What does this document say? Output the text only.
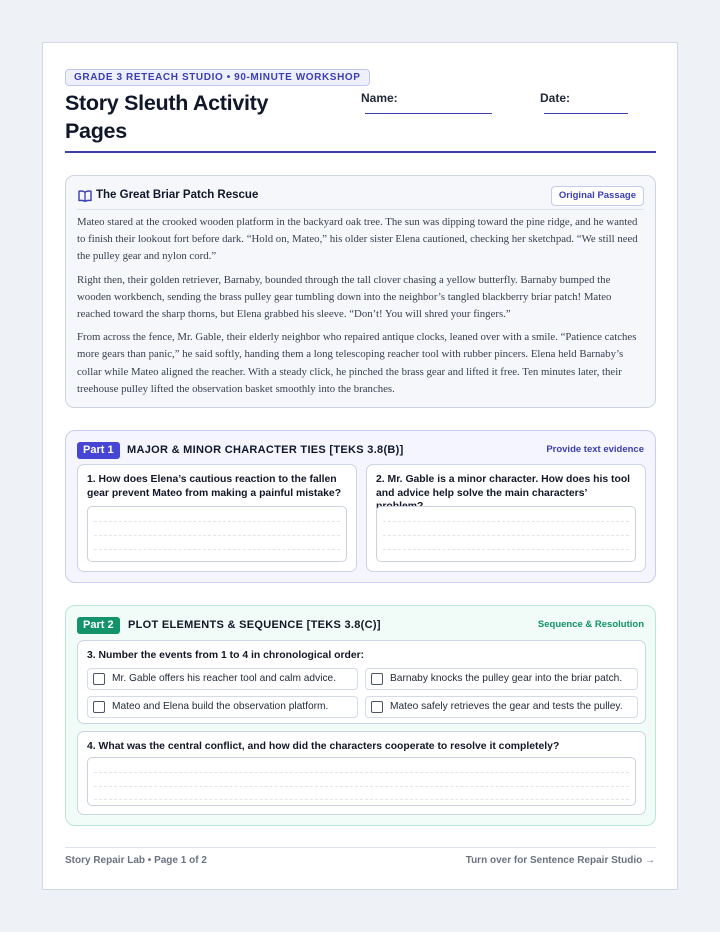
GRADE 3 RETEACH STUDIO • 90-MINUTE WORKSHOP
Story Sleuth Activity Pages
Name:	Date:
The Great Briar Patch Rescue	Original Passage

Mateo stared at the crooked wooden platform in the backyard oak tree. The sun was dipping toward the pine ridge, and he wanted to finish their lookout fort before dark. “Hold on, Mateo,” his older sister Elena cautioned, checking her sketchpad. “We still need the pulley gear and nylon cord.”

Right then, their golden retriever, Barnaby, bounded through the tall clover chasing a yellow butterfly. Barnaby bumped the wooden workbench, sending the brass pulley gear tumbling down into the neighbor’s tangled blackberry briar patch! Mateo reached toward the sharp thorns, but Elena grabbed his sleeve. “Don’t! You will shred your fingers.”

From across the fence, Mr. Gable, their elderly neighbor who repaired antique clocks, leaned over with a smile. “Patience catches more gears than panic,” he said softly, handing them a long telescoping reacher tool with rubber pincers. Elena held Barnaby’s collar while Mateo aligned the reacher. With a steady click, he pinched the brass gear and lifted it free. Ten minutes later, their treehouse pulley lifted the observation basket smoothly into the branches.

Part 1	MAJOR & MINOR CHARACTER TIES [TEKS 3.8(B)]	Provide text evidence
1. How does Elena’s cautious reaction to the fallen gear prevent Mateo from making a painful mistake?
2. Mr. Gable is a minor character. How does his tool and advice help solve the main characters’
Part 2	PLOT ELEMENTS & SEQUENCE [TEKS 3.8(C)]	Sequence & Resolution
3. Number the events from 1 to 4 in chronological order:
Mr. Gable offers his reacher tool and calm advice.	Barnaby knocks the pulley gear into the briar patch.
Mateo and Elena build the observation platform.	Mateo safely retrieves the gear and tests the pulley.
4. What was the central conflict, and how did the characters cooperate to resolve it completely?
Story Repair Lab • Page 1 of 2	Turn over for Sentence Repair Studio →
